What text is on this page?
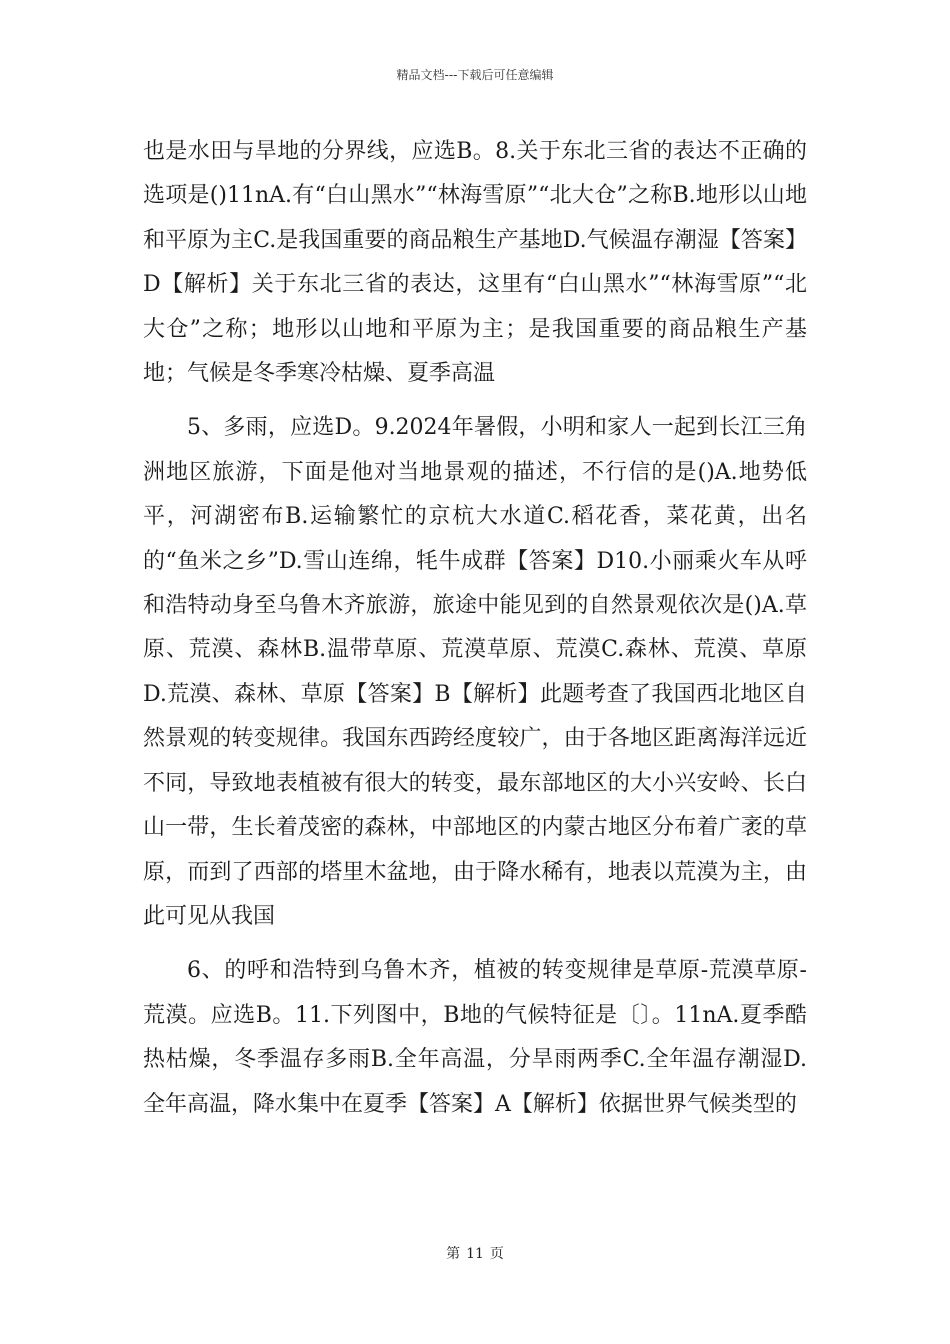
精品文档---下载后可任意编辑

也是水田与旱地的分界线，应选B。8.关于东北三省的表达不正确的选项是()11nA.有“白山黑水”“林海雪原”“北大仓”之称B.地形以山地和平原为主C.是我国重要的商品粮生产基地D.气候温存潮湿【答案】D【解析】关于东北三省的表达，这里有“白山黑水”“林海雪原”“北大仓”之称；地形以山地和平原为主；是我国重要的商品粮生产基地；气候是冬季寒冷枯燥、夏季高温

5、多雨，应选D。9.2024年暑假，小明和家人一起到长江三角洲地区旅游，下面是他对当地景观的描述，不行信的是()A.地势低平，河湖密布B.运输繁忙的京杭大水道C.稻花香，菜花黄，出名的“鱼米之乡”D.雪山连绵，牦牛成群【答案】D10.小丽乘火车从呼和浩特动身至乌鲁木齐旅游，旅途中能见到的自然景观依次是()A.草原、荒漠、森林B.温带草原、荒漠草原、荒漠C.森林、荒漠、草原D.荒漠、森林、草原【答案】B【解析】此题考查了我国西北地区自然景观的转变规律。我国东西跨经度较广，由于各地区距离海洋远近不同，导致地表植被有很大的转变，最东部地区的大小兴安岭、长白山一带，生长着茂密的森林，中部地区的内蒙古地区分布着广袤的草原，而到了西部的塔里木盆地，由于降水稀有，地表以荒漠为主，由此可见从我国

6、的呼和浩特到乌鲁木齐，植被的转变规律是草原-荒漠草原-荒漠。应选B。11.下列图中，B地的气候特征是〔〕。11nA.夏季酷热枯燥，冬季温存多雨B.全年高温，分旱雨两季C.全年温存潮湿D.全年高温，降水集中在夏季【答案】A【解析】依据世界气候类型的

第 11 页
